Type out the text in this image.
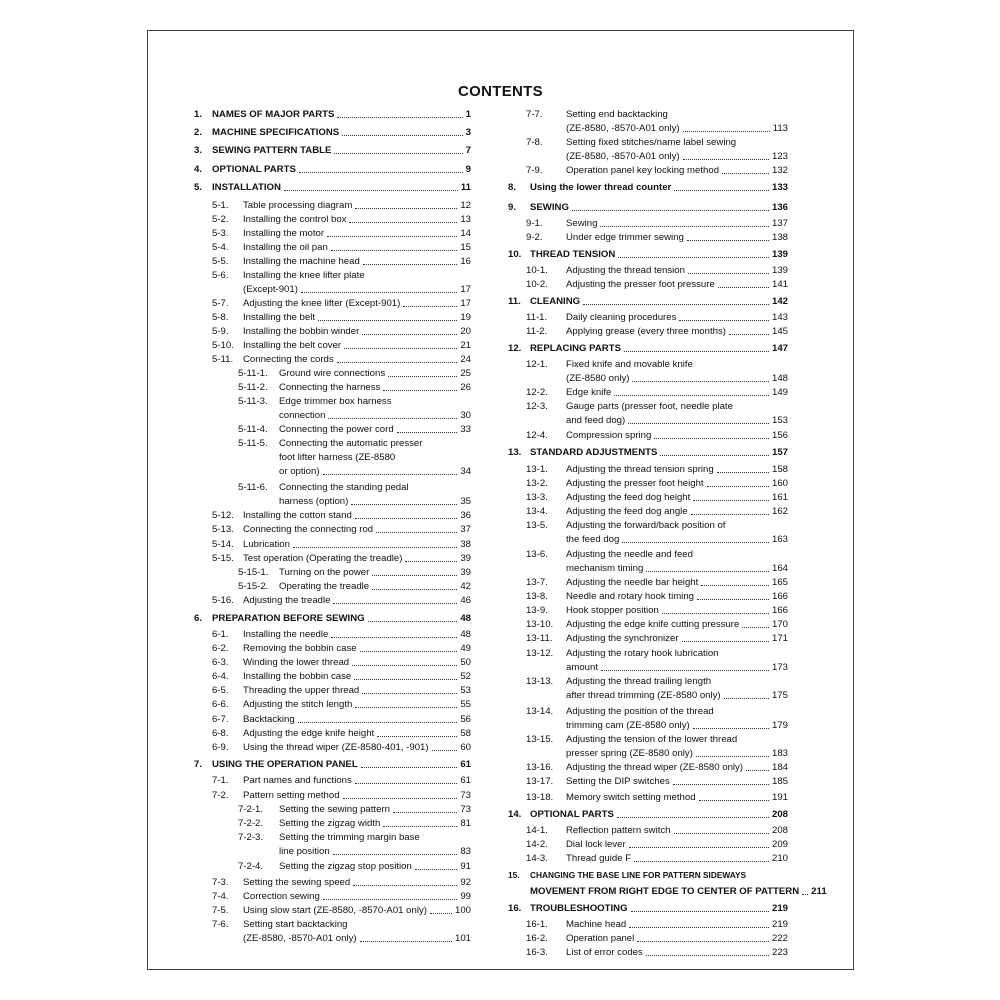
CONTENTS
1.	NAMES OF MAJOR PARTS	1
2.	MACHINE SPECIFICATIONS	3
3.	SEWING PATTERN TABLE	7
4.	OPTIONAL PARTS	9
5.	INSTALLATION	11
5-1.	Table processing diagram	12
5-2.	Installing the control box	13
5-3.	Installing the motor	14
5-4.	Installing the oil pan	15
5-5.	Installing the machine head	16
5-6.	Installing the knee lifter plate
(Except-901)	17
5-7.	Adjusting the knee lifter (Except-901)	17
5-8.	Installing the belt	19
5-9.	Installing the bobbin winder	20
5-10. Installing the belt cover	21
5-11.	Connecting the cords	24
5-11-1.	Ground wire connections	25
5-11-2.	Connecting the harness	26
5-11-3.	Edge trimmer box harness
connection	30
5-11-4.	Connecting the power cord	33
5-11-5.	Connecting the automatic presser
foot lifter harness (ZE-8580
or option)	34
5-11-6.	Connecting the standing pedal
harness (option)	35
5-12. Installing the cotton stand	36
5-13. Connecting the connecting rod	37
5-14. Lubrication	38
5-15. Test operation (Operating the treadle)	39
5-15-1.	Turning on the power	39
5-15-2.	Operating the treadle	42
5-16. Adjusting the treadle	46
6.	PREPARATION BEFORE SEWING	48
6-1.	Installing the needle	48
6-2.	Removing the bobbin case	49
6-3.	Winding the lower thread	50
6-4.	Installing the bobbin case	52
6-5.	Threading the upper thread	53
6-6.	Adjusting the stitch length	55
6-7.	Backtacking	56
6-8.	Adjusting the edge knife height	58
6-9.	Using the thread wiper (ZE-8580-401, -901)	60
7.	USING THE OPERATION PANEL	61
7-1.	Part names and functions	61
7-2.	Pattern setting method	73
7-2-1.	Setting the sewing pattern	73
7-2-2.	Setting the zigzag width	81
7-2-3.	Setting the trimming margin base
line position	83
7-2-4.	Setting the zigzag stop position	91
7-3.	Setting the sewing speed	92
7-4.	Correction sewing	99
7-5.	Using slow start (ZE-8580, -8570-A01 only)	100
7-6.	Setting start backtacking
(ZE-8580, -8570-A01 only)	101
7-7.	Setting end backtacking
(ZE-8580, -8570-A01 only)	113
7-8.	Setting fixed stitches/name label sewing
(ZE-8580, -8570-A01 only)	123
7-9.	Operation panel key locking method	132
8.	Using the lower thread counter	133
9.	SEWING	136
9-1.	Sewing	137
9-2.	Under edge trimmer sewing	138
10. THREAD TENSION	139
10-1.	Adjusting the thread tension	139
10-2.	Adjusting the presser foot pressure	141
11. CLEANING	142
11-1.	Daily cleaning procedures	143
11-2.	Applying grease (every three months)	145
12. REPLACING PARTS	147
12-1.	Fixed knife and movable knife
(ZE-8580 only)	148
12-2.	Edge knife	149
12-3.	Gauge parts (presser foot, needle plate
and feed dog)	153
12-4.	Compression spring	156
13. STANDARD ADJUSTMENTS	157
13-1.	Adjusting the thread tension spring	158
13-2.	Adjusting the presser foot height	160
13-3.	Adjusting the feed dog height	161
13-4.	Adjusting the feed dog angle	162
13-5.	Adjusting the forward/back position of
the feed dog	163
13-6.	Adjusting the needle and feed
mechanism timing	164
13-7.	Adjusting the needle bar height	165
13-8.	Needle and rotary hook timing	166
13-9.	Hook stopper position	166
13-10.	Adjusting the edge knife cutting pressure	170
13-11.	Adjusting the synchronizer	171
13-12.	Adjusting the rotary hook lubrication
amount	173
13-13.	Adjusting the thread trailing length
after thread trimming (ZE-8580 only)	175
13-14.	Adjusting the position of the thread
trimming cam (ZE-8580 only)	179
13-15.	Adjusting the tension of the lower thread
presser spring (ZE-8580 only)	183
13-16.	Adjusting the thread wiper (ZE-8580 only)	184
13-17.	Setting the DIP switches	185
13-18.	Memory switch setting method	191
14. OPTIONAL PARTS	208
14-1.	Reflection pattern switch	208
14-2.	Dial lock lever	209
14-3.	Thread guide F	210
15.	CHANGING THE BASE LINE FOR PATTERN SIDEWAYS
MOVEMENT FROM RIGHT EDGE TO CENTER OF PATTERN 211
16. TROUBLESHOOTING	219
16-1.	Machine head	219
16-2.	Operation panel	222
16-3.	List of error codes	223
